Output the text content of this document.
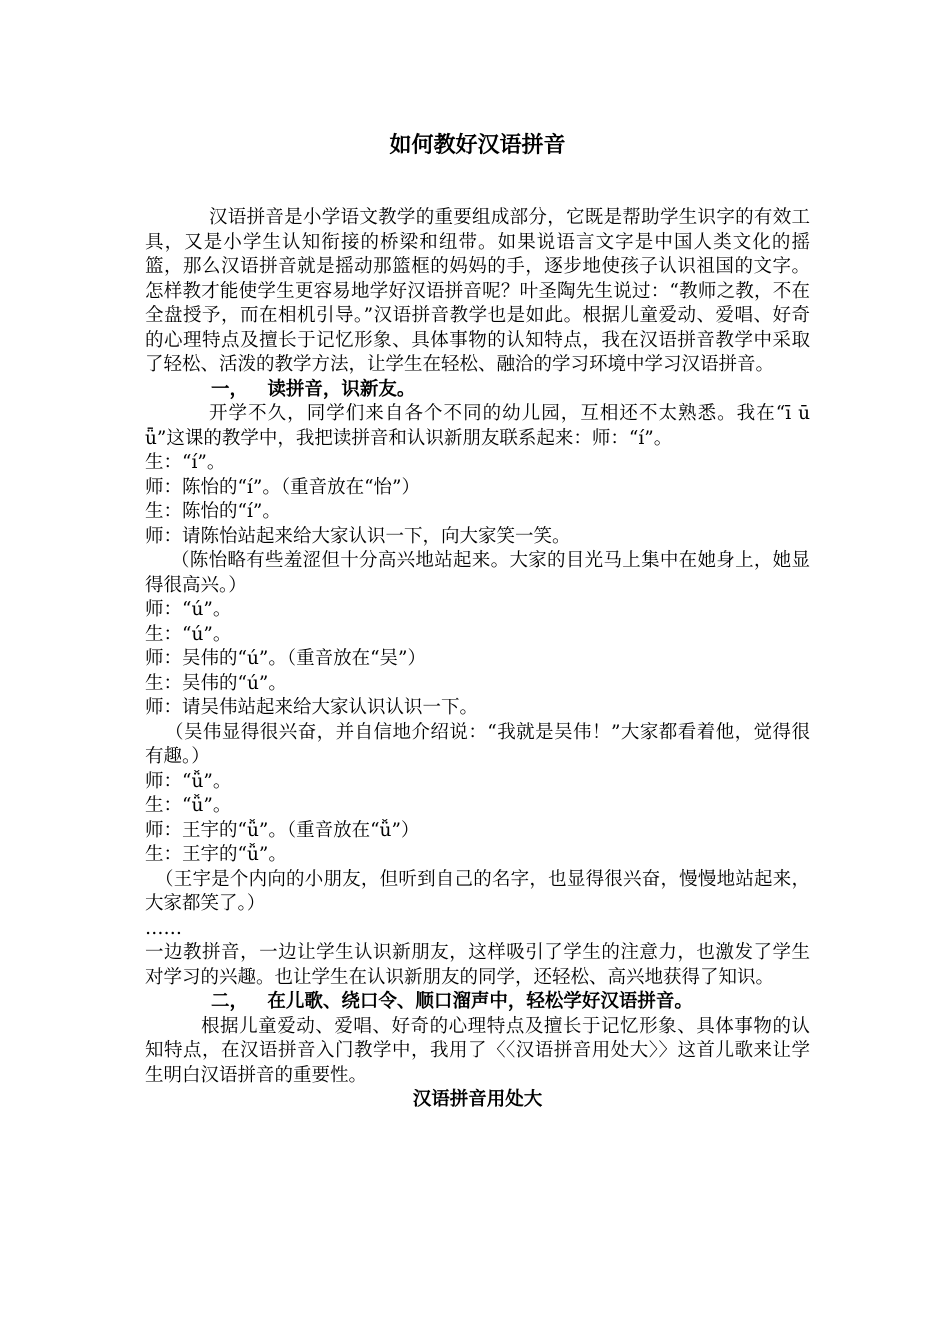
如何教好汉语拼音

汉语拼音是小学语文教学的重要组成部分，它既是帮助学生识字的有效工具，又是小学生认知衔接的桥梁和纽带。如果说语言文字是中国人类文化的摇篮，那么汉语拼音就是摇动那篮框的妈妈的手，逐步地使孩子认识祖国的文字。怎样教才能使学生更容易地学好汉语拼音呢？叶圣陶先生说过：“教师之教，不在全盘授予，而在相机引导。”汉语拼音教学也是如此。根据儿童爱动、爱唱、好奇的心理特点及擅长于记忆形象、具体事物的认知特点，我在汉语拼音教学中采取了轻松、活泼的教学方法，让学生在轻松、融洽的学习环境中学习汉语拼音。

一， 读拼音，识新友。

开学不久，同学们来自各个不同的幼儿园，互相还不太熟悉。我在“ī ū ǖ”这课的教学中，我把读拼音和认识新朋友联系起来：师：“í”。

生：“í”。

师：陈怡的“í”。（重音放在“怡”）

生：陈怡的“í”。

师：请陈怡站起来给大家认识一下，向大家笑一笑。

（陈怡略有些羞涩但十分高兴地站起来。大家的目光马上集中在她身上，她显得很高兴。）

师：“ú”。

生：“ú”。

师：吴伟的“ú”。（重音放在“吴”）

生：吴伟的“ú”。

师：请吴伟站起来给大家认识认识一下。

（吴伟显得很兴奋，并自信地介绍说：“我就是吴伟！”大家都看着他，觉得很有趣。）

师：“ǚ”。

生：“ǚ”。

师：王宇的“ǚ”。（重音放在“ǚ”）

生：王宇的“ǚ”。

（王宇是个内向的小朋友，但听到自己的名字，也显得很兴奋，慢慢地站起来，大家都笑了。）

……

一边教拼音，一边让学生认识新朋友，这样吸引了学生的注意力，也激发了学生对学习的兴趣。也让学生在认识新朋友的同学，还轻松、高兴地获得了知识。

二， 在儿歌、绕口令、顺口溜声中，轻松学好汉语拼音。

根据儿童爱动、爱唱、好奇的心理特点及擅长于记忆形象、具体事物的认知特点，在汉语拼音入门教学中，我用了〈〈汉语拼音用处大〉〉这首儿歌来让学生明白汉语拼音的重要性。

汉语拼音用处大
